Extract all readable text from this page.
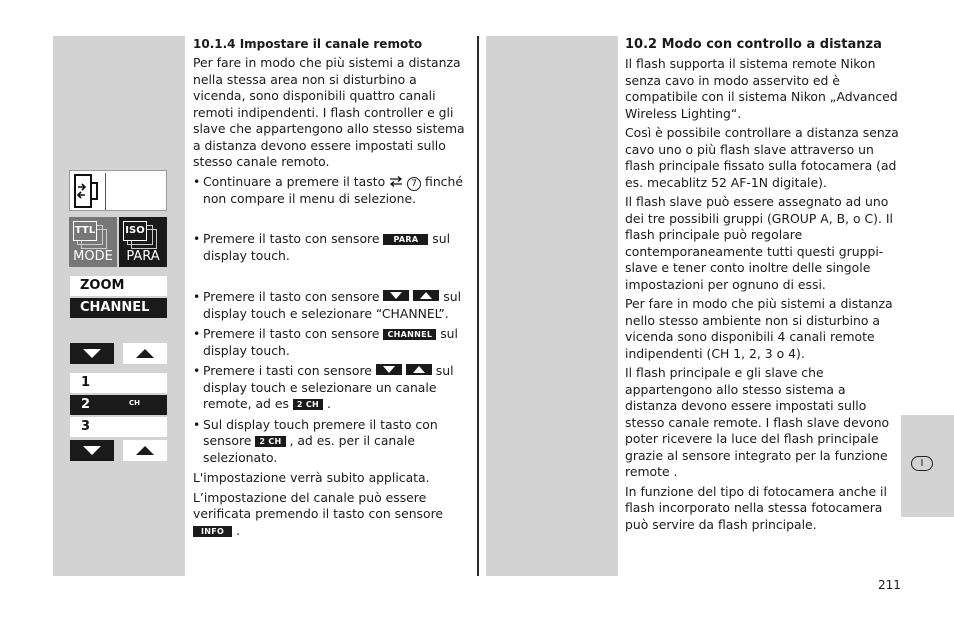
I
TTL
MODE
ISO
PARA
ZOOM
CHANNEL
1
2	CH
3

10.1.4 Impostare il canale remoto

Per fare in modo che più sistemi a distanza nella stessa area non si disturbino a vicenda, sono disponibili quattro canali remoti indipendenti. I flash controller e gli slave che appartengono allo stesso sistema a distanza devono essere impostati sullo stesso canale remoto.

• Continuare a premere il tasto	7 finché non compare il menu di selezione.
• Premere il tasto con sensore PARA sul display touch.
• Premere il tasto con sensore
	sul display touch e selezionare “CHANNEL”.
• Premere il tasto con sensore CHANNEL sul display touch.
• Premere i tasti con sensore
	sul display touch e selezionare un canale remote, ad es 2 CH .
• Sul display touch premere il tasto con sensore 2 CH , ad es. per il canale selezionato.

L'impostazione verrà subito applicata.

L’impostazione del canale può essere verificata premendo il tasto con sensore INFO .

10.2 Modo con controllo a distanza

Il flash supporta il sistema remote Nikon senza cavo in modo asservito ed è compatibile con il sistema Nikon „Advanced Wireless Lighting“.

Così è possibile controllare a distanza senza cavo uno o più flash slave attraverso un flash principale fissato sulla fotocamera (ad es. mecablitz 52 AF-1N digitale).

Il flash slave può essere assegnato ad uno dei tre possibili gruppi (GROUP A, B, o C). Il flash principale può regolare contemporaneamente tutti questi gruppi-slave e tener conto inoltre delle singole impostazioni per ognuno di essi.

Per fare in modo che più sistemi a distanza nello stesso ambiente non si disturbino a vicenda sono disponibili 4 canali remote indipendenti (CH 1, 2, 3 o 4).

Il flash principale e gli slave che appartengono allo stesso sistema a distanza devono essere impostati sullo stesso canale remote. I flash slave devono poter ricevere la luce del flash principale grazie al sensore integrato per la funzione remote .

In funzione del tipo di fotocamera anche il flash incorporato nella stessa fotocamera può servire da flash principale.

211
